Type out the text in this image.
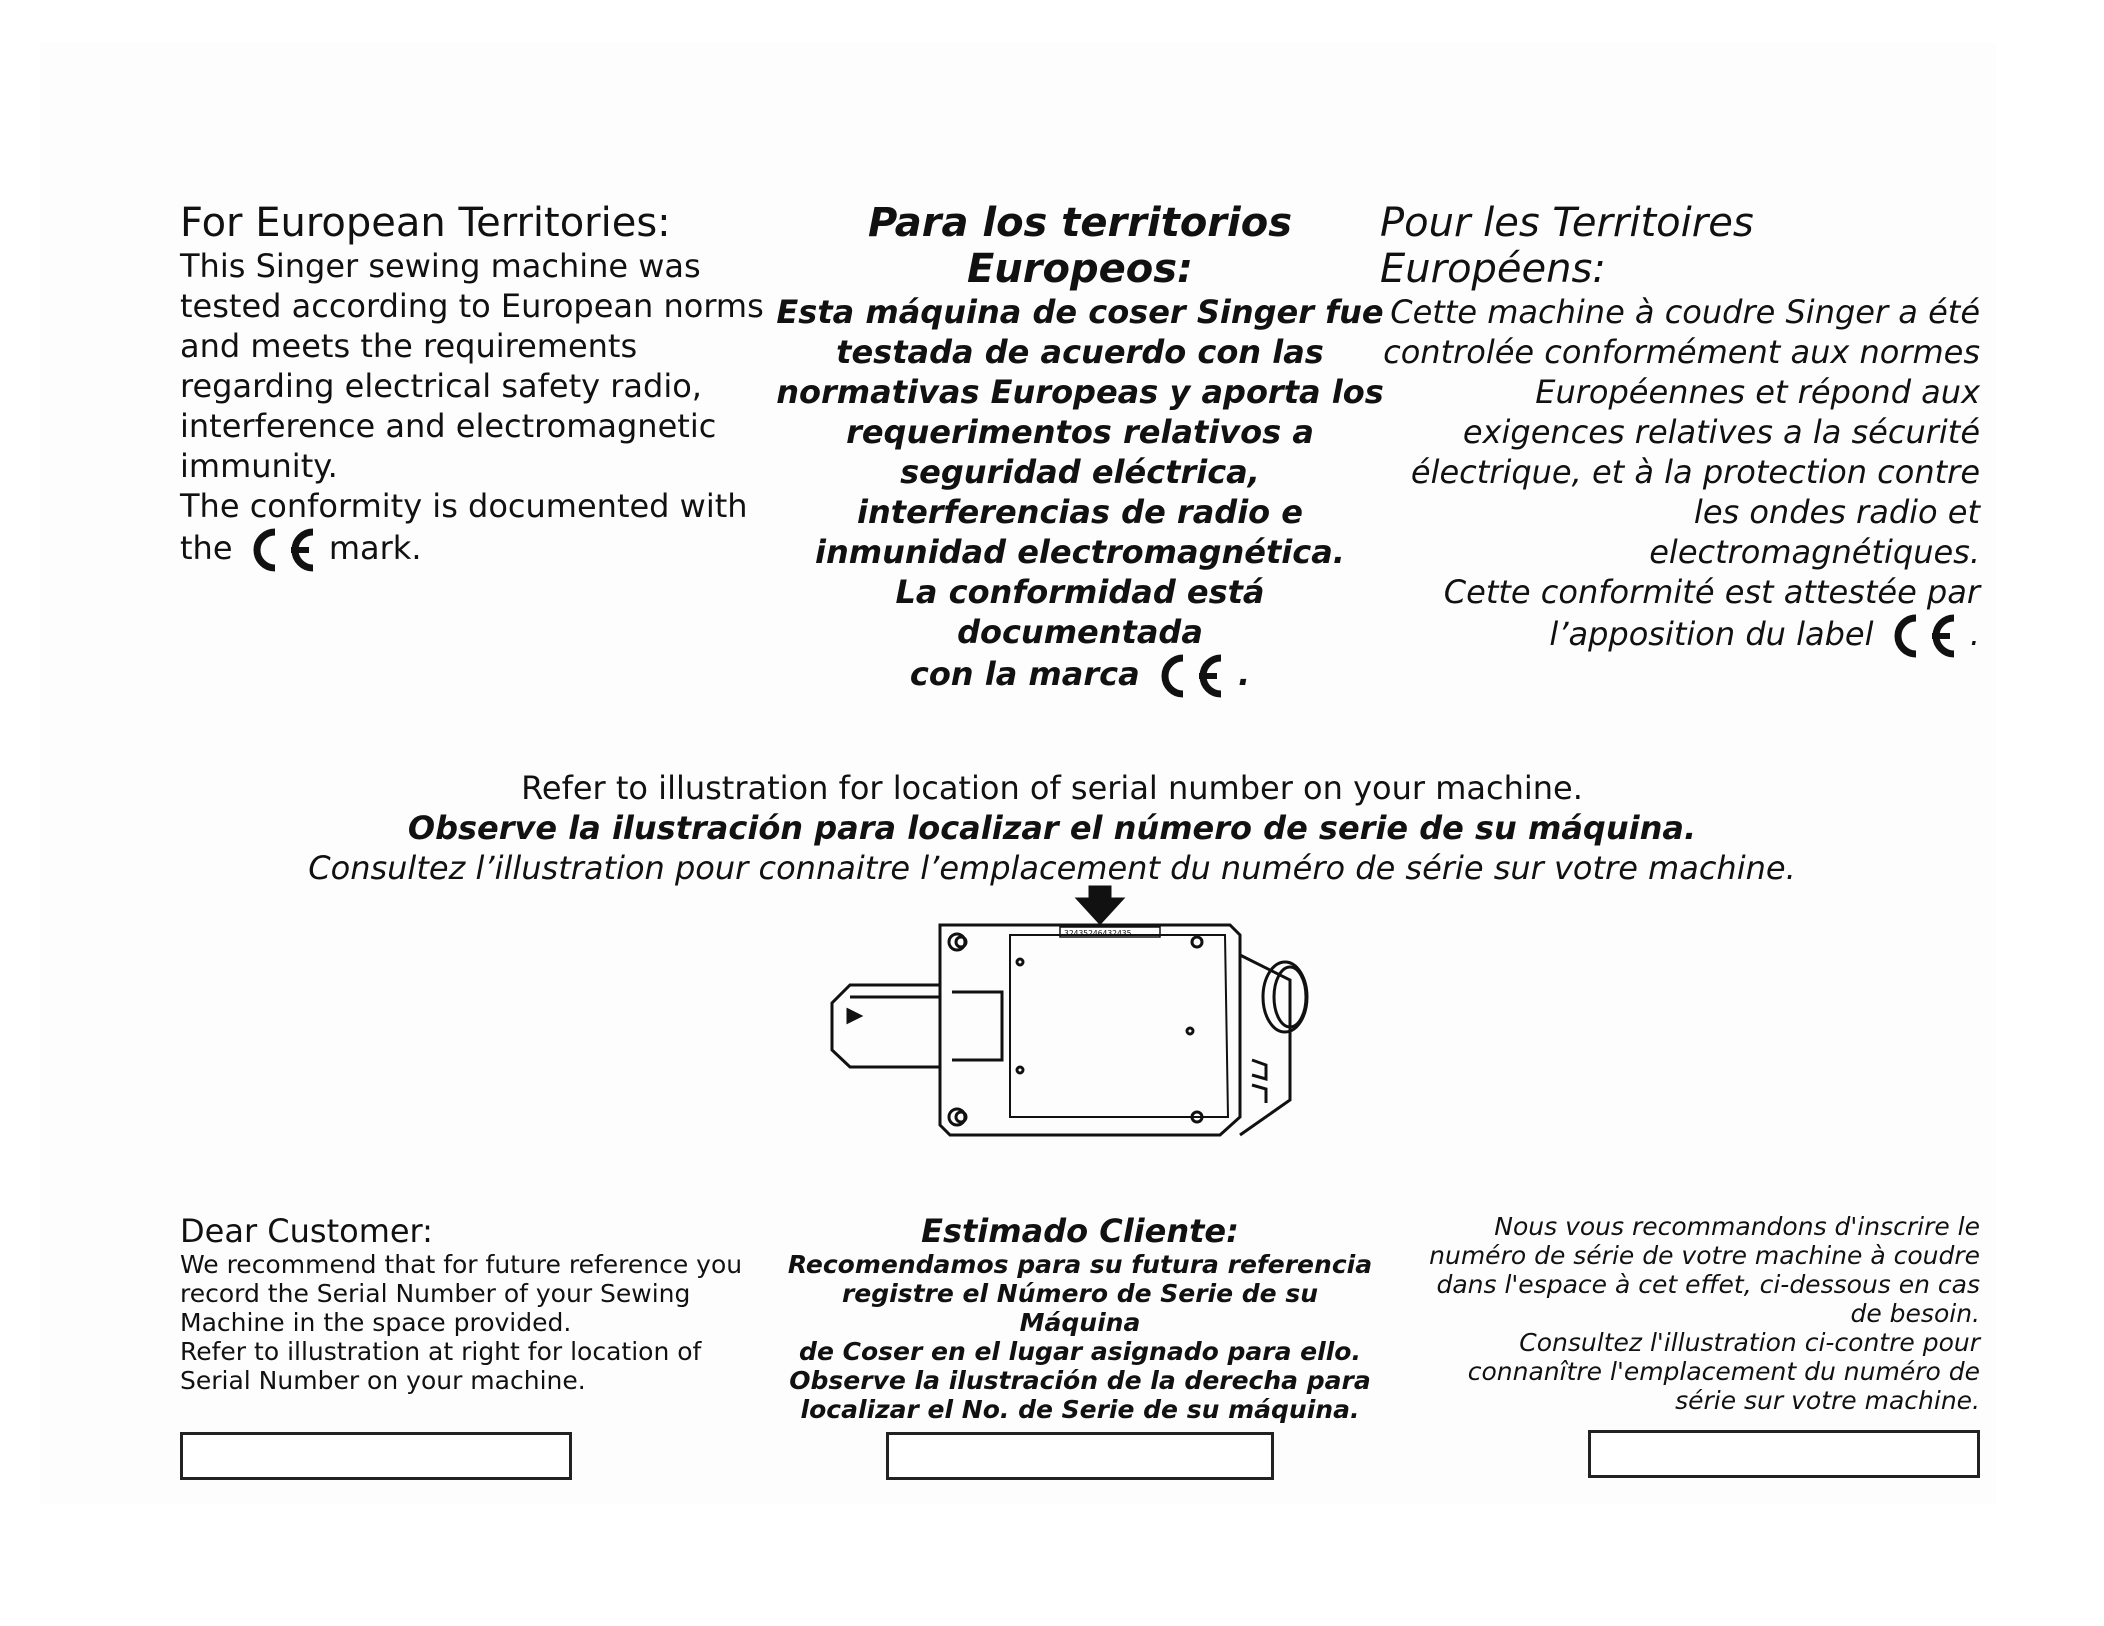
For European Territories:
This Singer sewing machine was
tested according to European norms
and meets the requirements
regarding electrical safety radio,
interference and electromagnetic
immunity.
The conformity is documented with
the	mark.
Para los territorios
Europeos:
Esta máquina de coser Singer fue
testada de acuerdo con las
normativas Europeas y aporta los
requerimentos relativos a
seguridad eléctrica,
interferencias de radio e
inmunidad electromagnética.
La conformidad está documentada
con la marca	.
Pour les Territoires Européens:
Cette machine à coudre Singer a été
controlée conformément aux normes
Européennes et répond aux
exigences relatives a la sécurité
électrique, et à la protection contre
les ondes radio et
electromagnétiques.
Cette conformité est attestée par
l’apposition du label	.
Refer to illustration for location of serial number on your machine.
Observe la ilustración para localizar el número de serie de su máquina.
Consultez l’illustration pour connaitre l’emplacement du numéro de série sur votre machine.
32435246432435
Dear Customer:
We recommend that for future reference you
record the Serial Number of your Sewing
Machine in the space provided.
Refer to illustration at right for location of
Serial Number on your machine.
Estimado Cliente:
Recomendamos para su futura referencia
registre el Número de Serie de su Máquina
de Coser en el lugar asignado para ello.
Observe la ilustración de la derecha para
localizar el No. de Serie de su máquina.
Nous vous recommandons d'inscrire le
numéro de série de votre machine à coudre
dans l'espace à cet effet, ci-dessous en cas
de besoin.
Consultez l'illustration ci-contre pour
connanître l'emplacement du numéro de
série sur votre machine.
